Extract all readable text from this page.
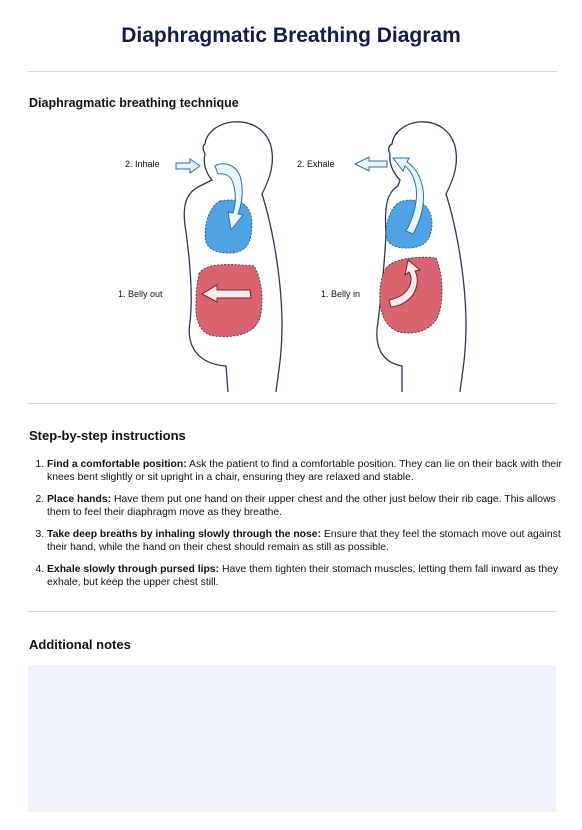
Diaphragmatic Breathing Diagram
Diaphragmatic breathing technique
2. Inhale
1. Belly out
2. Exhale
1. Belly in
Step-by-step instructions
1. Find a comfortable position: Ask the patient to find a comfortable position. They can lie on their back with their knees bent slightly or sit upright in a chair, ensuring they are relaxed and stable.
2. Place hands: Have them put one hand on their upper chest and the other just below their rib cage. This allows them to feel their diaphragm move as they breathe.
3. Take deep breaths by inhaling slowly through the nose: Ensure that they feel the stomach move out against their hand, while the hand on their chest should remain as still as possible.
4. Exhale slowly through pursed lips: Have them tighten their stomach muscles, letting them fall inward as they exhale, but keep the upper chest still.
Additional notes
